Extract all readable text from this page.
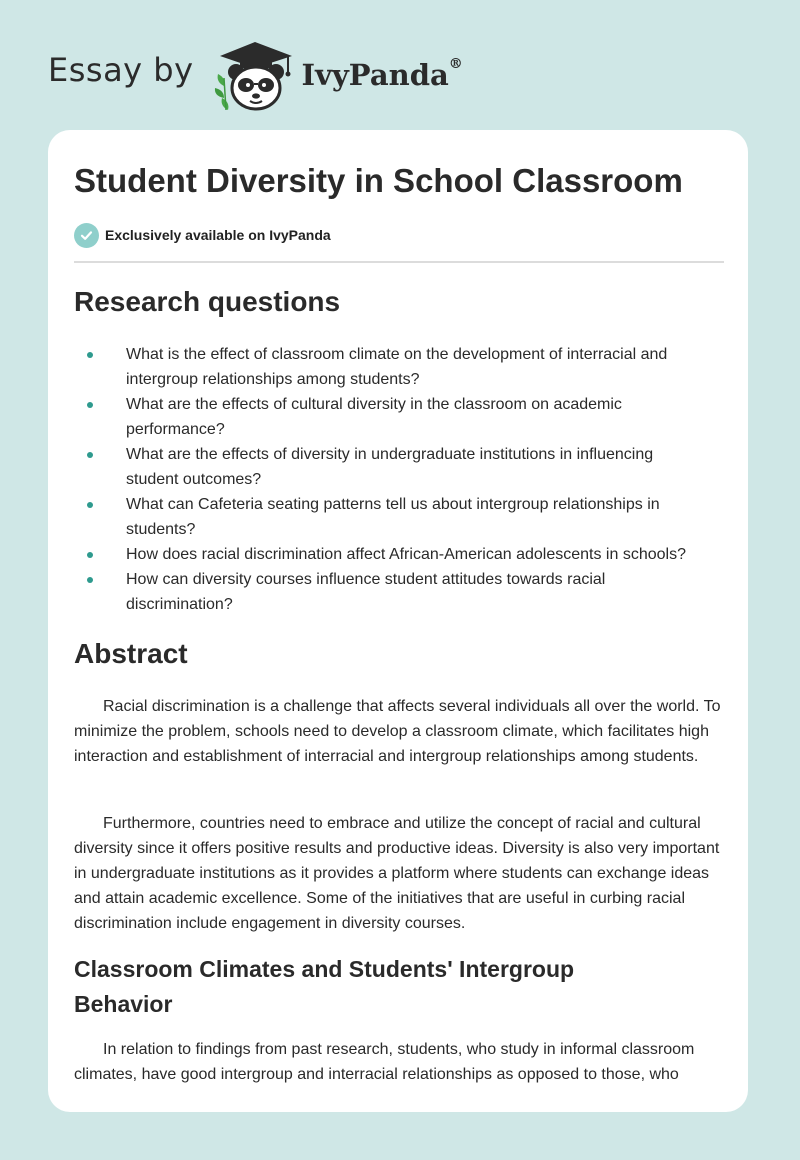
Essay by	IvyPanda®
Student Diversity in School Classroom
Exclusively available on IvyPanda
Research questions
What is the effect of classroom climate on the development of interracial and intergroup relationships among students?
What are the effects of cultural diversity in the classroom on academic performance?
What are the effects of diversity in undergraduate institutions in influencing student outcomes?
What can Cafeteria seating patterns tell us about intergroup relationships in students?
How does racial discrimination affect African-American adolescents in schools?
How can diversity courses influence student attitudes towards racial discrimination?
Abstract

Racial discrimination is a challenge that affects several individuals all over the world. To minimize the problem, schools need to develop a classroom climate, which facilitates high interaction and establishment of interracial and intergroup relationships among students.

Furthermore, countries need to embrace and utilize the concept of racial and cultural diversity since it offers positive results and productive ideas. Diversity is also very important in undergraduate institutions as it provides a platform where students can exchange ideas and attain academic excellence. Some of the initiatives that are useful in curbing racial discrimination include engagement in diversity courses.

Classroom Climates and Students' Intergroup Behavior

In relation to findings from past research, students, who study in informal classroom climates, have good intergroup and interracial relationships as opposed to those, who
